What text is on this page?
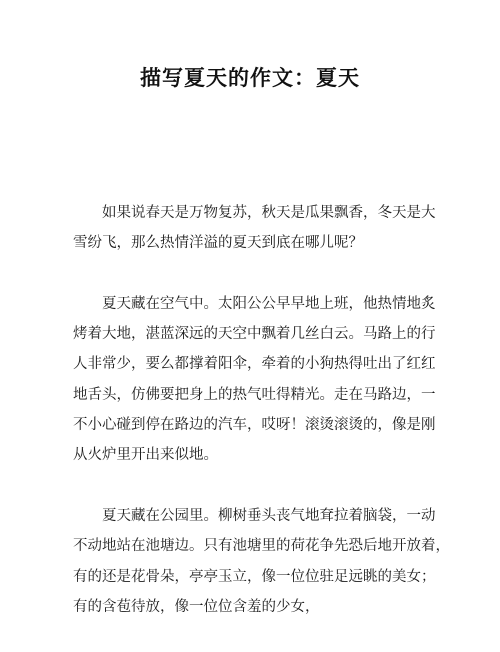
描写夏天的作文：夏天

如果说春天是万物复苏，秋天是瓜果飘香，冬天是大
雪纷飞，那么热情洋溢的夏天到底在哪儿呢？

夏天藏在空气中。太阳公公早早地上班，他热情地炙
烤着大地，湛蓝深远的天空中飘着几丝白云。马路上的行
人非常少，要么都撑着阳伞，牵着的小狗热得吐出了红红
地舌头，仿佛要把身上的热气吐得精光。走在马路边，一
不小心碰到停在路边的汽车，哎呀！滚烫滚烫的，像是刚
从火炉里开出来似地。

夏天藏在公园里。柳树垂头丧气地耷拉着脑袋，一动
不动地站在池塘边。只有池塘里的荷花争先恐后地开放着，
有的还是花骨朵，亭亭玉立，像一位位驻足远眺的美女；
有的含苞待放，像一位位含羞的少女，
